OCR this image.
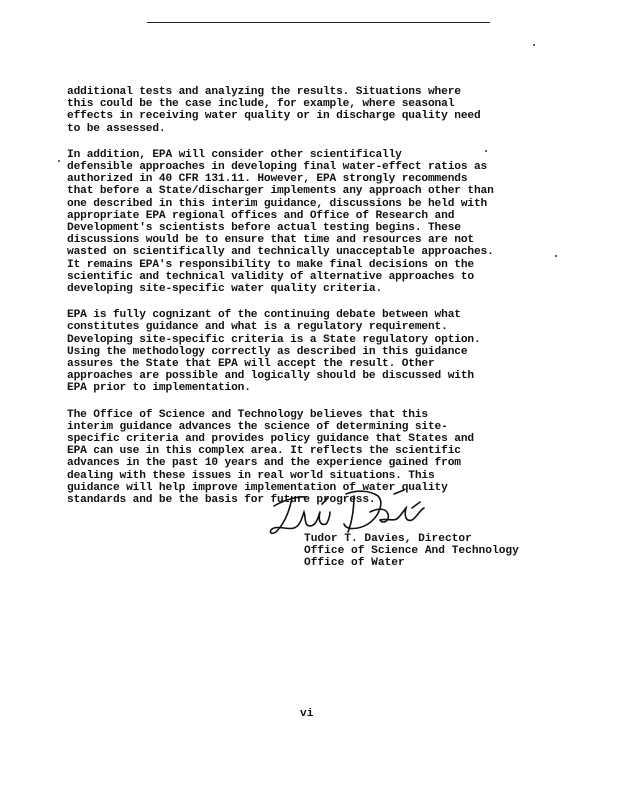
additional tests and analyzing the results. Situations where
this could be the case include, for example, where seasonal
effects in receiving water quality or in discharge quality need
to be assessed.

In addition, EPA will consider other scientifically
defensible approaches in developing final water-effect ratios as
authorized in 40 CFR 131.11. However, EPA strongly recommends
that before a State/discharger implements any approach other than
one described in this interim guidance, discussions be held with
appropriate EPA regional offices and Office of Research and
Development's scientists before actual testing begins. These
discussions would be to ensure that time and resources are not
wasted on scientifically and technically unacceptable approaches.
It remains EPA's responsibility to make final decisions on the
scientific and technical validity of alternative approaches to
developing site-specific water quality criteria.

EPA is fully cognizant of the continuing debate between what
constitutes guidance and what is a regulatory requirement.
Developing site-specific criteria is a State regulatory option.
Using the methodology correctly as described in this guidance
assures the State that EPA will accept the result. Other
approaches are possible and logically should be discussed with
EPA prior to implementation.

The Office of Science and Technology believes that this
interim guidance advances the science of determining site-
specific criteria and provides policy guidance that States and
EPA can use in this complex area. It reflects the scientific
advances in the past 10 years and the experience gained from
dealing with these issues in real world situations. This
guidance will help improve implementation of water quality
standards and be the basis for future progress.

Tudor T. Davies, Director
Office of Science And Technology
Office of Water
vi
